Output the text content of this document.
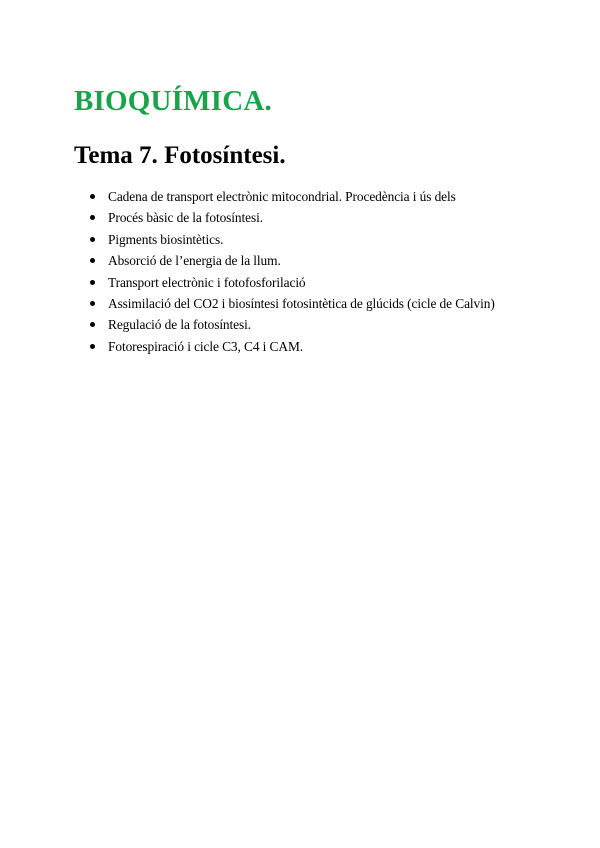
BIOQUÍMICA.
Tema 7. Fotosíntesi.
Cadena de transport electrònic mitocondrial. Procedència i ús dels
Procés bàsic de la fotosíntesi.
Pigments biosintètics.
Absorció de l’energia de la llum.
Transport electrònic i fotofosforilació
Assimilació del CO2 i biosíntesi fotosintètica de glúcids (cicle de Calvin)
Regulació de la fotosíntesi.
Fotorespiració i cicle C3, C4 i CAM.
